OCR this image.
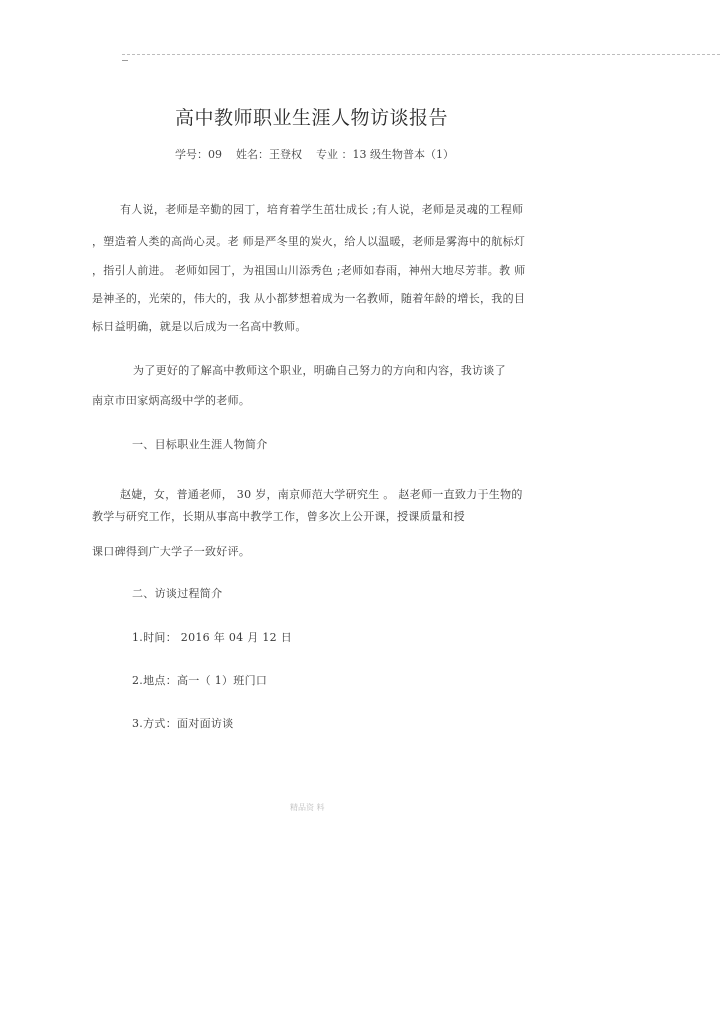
高中教师职业生涯人物访谈报告
学号：09 姓名：王登权 专业 ：13 级生物普本（1）
有人说，老师是辛勤的园丁，培育着学生茁壮成长 ;有人说，老师是灵魂的工程师
，塑造着人类的高尚心灵。老 师是严冬里的炭火，给人以温暖，老师是雾海中的航标灯
，指引人前进。 老师如园丁，为祖国山川添秀色 ;老师如春雨，神州大地尽芳菲。教 师
是神圣的，光荣的，伟大的，我 从小都梦想着成为一名教师，随着年龄的增长，我的目
标日益明确，就是以后成为一名高中教师。
为了更好的了解高中教师这个职业，明确自己努力的方向和内容，我访谈了
南京市田家炳高级中学的老师。
一、目标职业生涯人物简介
赵婕，女，普通老师， 30 岁，南京师范大学研究生 。 赵老师一直致力于生物的
教学与研究工作，长期从事高中教学工作，曾多次上公开课，授课质量和授
课口碑得到广大学子一致好评。
二、访谈过程简介
1.时间： 2016 年 04 月 12 日
2.地点：高一（ 1）班门口
3.方式：面对面访谈
精品资 料
